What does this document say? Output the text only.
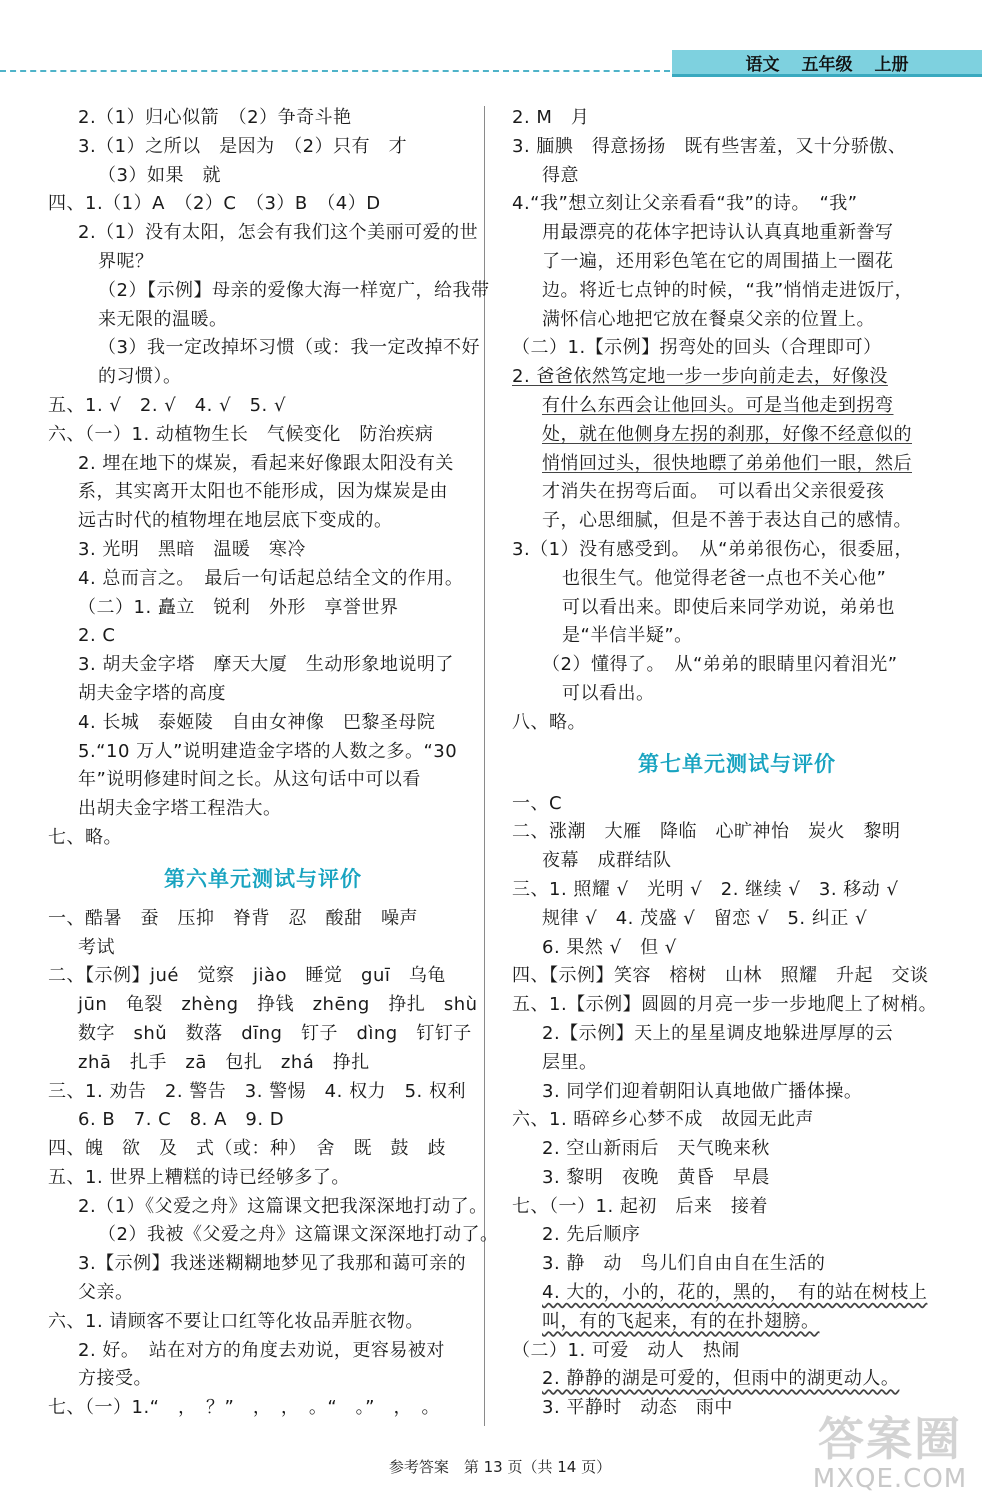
语文 五年级 上册
2.（1）归心似箭　（2）争奇斗艳
3.（1）之所以　是因为　（2）只有　才
（3）如果　就
四、1.（1）A　（2）C　（3）B　（4）D
2.（1）没有太阳，怎会有我们这个美丽可爱的世
界呢？
（2）【示例】母亲的爱像大海一样宽广，给我带
来无限的温暖。
（3）我一定改掉坏习惯（或：我一定改掉不好
的习惯）。
五、1. √　2. √　4. √　5. √
六、（一）1. 动植物生长　气候变化　防治疾病
2. 埋在地下的煤炭，看起来好像跟太阳没有关
系，其实离开太阳也不能形成，因为煤炭是由
远古时代的植物埋在地层底下变成的。
3. 光明　黑暗　温暖　寒冷
4. 总而言之。　最后一句话起总结全文的作用。
（二）1. 矗立　锐利　外形　享誉世界
2. C
3. 胡夫金字塔　摩天大厦　生动形象地说明了
胡夫金字塔的高度
4. 长城　泰姬陵　自由女神像　巴黎圣母院
5.“10 万人”说明建造金字塔的人数之多。“30
年”说明修建时间之长。从这句话中可以看
出胡夫金字塔工程浩大。
七、略。
第六单元测试与评价
一、酷暑　蚕　压抑　脊背　忍　酸甜　噪声
考试
二、【示例】jué　觉察　jiào　睡觉　guī　乌龟
jūn　龟裂　zhèng　挣钱　zhēng　挣扎　shù
数字　shǔ　数落　dīng　钉子　dìng　钉钉子
zhā　扎手　zā　包扎　zhá　挣扎
三、1. 劝告　2. 警告　3. 警惕　4. 权力　5. 权利
6. B　7. C　8. A　9. D
四、魄　欲　及　式（或：种）　舍　既　鼓　歧
五、1. 世界上糟糕的诗已经够多了。
2.（1）《父爱之舟》这篇课文把我深深地打动了。
（2）我被《父爱之舟》这篇课文深深地打动了。
3.【示例】我迷迷糊糊地梦见了我那和蔼可亲的
父亲。
六、1. 请顾客不要让口红等化妆品弄脏衣物。
2. 好。　站在对方的角度去劝说，更容易被对
方接受。
七、（一）1.“　，　？”　，　，　。“　。”　，　。
2. M　月
3. 腼腆　得意扬扬　既有些害羞，又十分骄傲、
得意
4.“我”想立刻让父亲看看“我”的诗。　“我”
用最漂亮的花体字把诗认认真真地重新誊写
了一遍，还用彩色笔在它的周围描上一圈花
边。将近七点钟的时候，“我”悄悄走进饭厅，
满怀信心地把它放在餐桌父亲的位置上。
（二）1.【示例】拐弯处的回头（合理即可）
2. 爸爸依然笃定地一步一步向前走去，好像没
有什么东西会让他回头。可是当他走到拐弯
处，就在他侧身左拐的刹那，好像不经意似的
悄悄回过头，很快地瞟了弟弟他们一眼，然后
才消失在拐弯后面。　可以看出父亲很爱孩
子，心思细腻，但是不善于表达自己的感情。
3.（1）没有感受到。　从“弟弟很伤心，很委屈，
也很生气。他觉得老爸一点也不关心他”
可以看出来。即使后来同学劝说，弟弟也
是“半信半疑”。
（2）懂得了。　从“弟弟的眼睛里闪着泪光”
可以看出。
八、略。
第七单元测试与评价
一、C
二、涨潮　大雁　降临　心旷神怡　炭火　黎明
夜幕　成群结队
三、1. 照耀 √　光明 √　2. 继续 √　3. 移动 √
规律 √　4. 茂盛 √　留恋 √　5. 纠正 √
6. 果然 √　但 √
四、【示例】笑容　榕树　山林　照耀　升起　交谈
五、1.【示例】圆圆的月亮一步一步地爬上了树梢。
2.【示例】天上的星星调皮地躲进厚厚的云
层里。
3. 同学们迎着朝阳认真地做广播体操。
六、1. 晤碎乡心梦不成　故园无此声
2. 空山新雨后　天气晚来秋
3. 黎明　夜晚　黄昏　早晨
七、（一）1. 起初　后来　接着
2. 先后顺序
3. 静　动　鸟儿们自由自在生活的
4. 大的，小的，花的，黑的，　有的站在树枝上
叫，有的飞起来，有的在扑翅膀。
（二）1. 可爱　动人　热闹
2. 静静的湖是可爱的，但雨中的湖更动人。
3. 平静时　动态　雨中
参考答案　第 13 页（共 14 页）
答案圈
MXQE.COM
